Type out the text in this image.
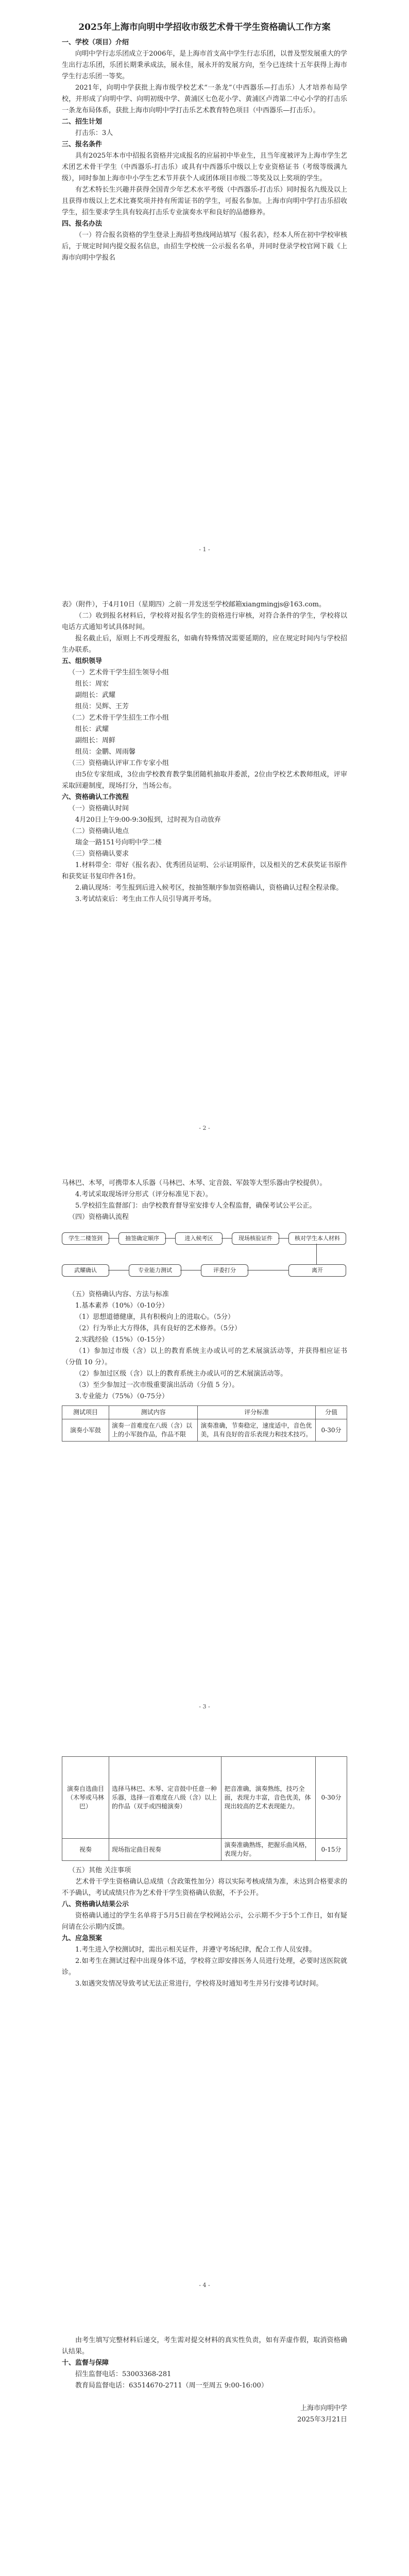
2025年上海市向明中学招收市级艺术骨干学生资格确认工作方案

一、学校（项目）介绍

向明中学行志乐团成立于2006年，是上海市首支高中学生行志乐团，以普及型发展重大的学生出行志乐团，乐团长期秉承成法，展永佳，展永开的发展方向，至今已连续十五年获得上海市学生行志乐团一等奖。

2021年，向明中学获批上海市级学校艺术“一条龙”（中西器乐—打击乐）人才培养布局学校，并形成了向明中学、向明初级中学、黄浦区七色花小学、黄浦区卢湾第二中心小学的打击乐一条龙布局体系，获批上海市向明中学打击乐艺术教育特色项目（中西器乐—打击乐）。

二、招生计划

打击乐：3人

三、报名条件

具有2025年本市中招报名资格并完成报名的应届初中毕业生，且当年度被评为上海市学生艺术团艺术骨干学生（中西器乐-打击乐）或具有中西器乐中级以上专业资格证书（考级等级满九级），同时参加上海市中小学生艺术节并获个人或团体项目市级二等奖及以上奖项的学生。

有艺术特长生兴趣并获得全国青少年艺术水平考级（中西器乐-打击乐）同时报名九级及以上且获得市级以上艺术比赛奖项并持有所需证书的学生，可报名参加。上海市向明中学打击乐招收学生，招生要求学生具有较高打击乐专业演奏水平和良好的品德修养。

四、报名办法

（一）符合报名资格的学生登录上海招考热线网站填写《报名表》，经本人所在初中学校审核后，于规定时间内提交报名信息，由招生学校统一公示报名名单，并同时登录学校官网下载《上海市向明中学报名

- 1 -

表》（附件），于4月10日（星期四）之前一并发送至学校邮箱xiangmingjs@163.com。

（二）收到报名材料后，学校将对报名学生的资格进行审核，对符合条件的学生，学校将以电话方式通知考试具体时间。

报名截止后，原则上不再受理报名，如确有特殊情况需要延期的，应在规定时间内与学校招生办联系。

五、组织领导

（一）艺术骨干学生招生领导小组

组长：周宏

副组长：武耀

组员：吴辉、王芳

（二）艺术骨干学生招生工作小组

组长：武耀

副组长：周鲜

组员：金鹏、周雨馨

（三）资格确认评审工作专家小组

由5位专家组成，3位由学校教育教学集团随机抽取并委派，2位由学校艺术教师组成，评审采取回避制度，现场打分，当场公布。

六、资格确认工作流程

（一）资格确认时间

4月20日上午9:00-9:30报到，过时视为自动放弃

（二）资格确认地点

瑞金一路151号向明中学二楼

（三）资格确认要求

1.材料带全：带好《报名表》、优秀团员证明、公示证明原件，以及相关的艺术获奖证书原件和获奖证书复印件各1份。

2.确认现场：考生报到后进入候考区，按抽签顺序参加资格确认，资格确认过程全程录像。

3.考试结束后：考生由工作人员引导离开考场。

- 2 -

马林巴、木琴，可携带本人乐器（马林巴、木琴、定音鼓、军鼓等大型乐器由学校提供）。

4.考试采取现场评分形式（评分标准见下表）。

5.学校招生监督部门：由学校教育督导室安排专人全程监督，确保考试公平公正。

（四）资格确认流程

学生二楼签到	抽签确定顺序	进入候考区	现场核验证件	核对学生本人材料
武耀确认	专业能力测试	评委打分	离开

（五）资格确认内容、方法与标准

1.基本素养（10%）（0-10分）

（1）思想道德健康，具有积极向上的进取心。（5分）

（2）行为举止大方得体，具有良好的艺术修养。（5分）

2.实践经验（15%）（0-15分）

（1）参加过市级（含）以上的教育系统主办或认可的艺术展演活动等，并获得相应证书（分值 10 分）。

（2）参加过区级（含）以上的教育系统主办或认可的艺术展演活动等。

（3）至少参加过一次市级重要演出活动（分值 5 分）。

3.专业能力（75%）（0-75分）

测试项目	测试内容	评分标准	分值
演奏小军鼓	演奏一首难度在八级（含）以上的小军鼓作品，作品不限	演奏准确，节奏稳定，速度适中，音色优美，具有良好的音乐表现力和技术技巧。	0-30分
- 3 -
演奏自选曲目（木琴或马林巴）	选择马林巴、木琴、定音鼓中任意一种乐器，选择一首难度在八级（含）以上的作品（双手或四槌演奏）	把音准确，演奏熟练，技巧全面，表现力丰富，音色优美，体现出较高的艺术表现能力。	0-30分
视奏	现场指定曲目视奏	演奏准确熟练，把握乐曲风格，表现力好。	0-15分

（五）其他 关注事项

艺术骨干学生资格确认总成绩（含政策性加分）将以实际考核成绩为准，未达到合格要求的不予确认，考试成绩只作为艺术骨干学生资格确认依据，不予公开。

八、资格确认结果公示

资格确认通过的学生名单将于5月5日前在学校网站公示，公示期不少于5个工作日，如有疑问请在公示期内反馈。

九、应急预案

1.考生进入学校测试时，需出示相关证件，并遵守考场纪律，配合工作人员安排。

2.如考生在测试过程中出现身体不适，学校将立即安排医务人员进行处理，必要时送医院就诊。

3.如遇突发情况导致考试无法正常进行，学校将及时通知考生并另行安排考试时间。

- 4 -

由考生填写完整材料后递交，考生需对提交材料的真实性负责，如有弄虚作假，取消资格确认结果。

十、监督与保障

招生监督电话：53003368-281

教育局监督电话：63514670-2711（周一至周五 9:00-16:00）

上海市向明中学

2025年3月21日
